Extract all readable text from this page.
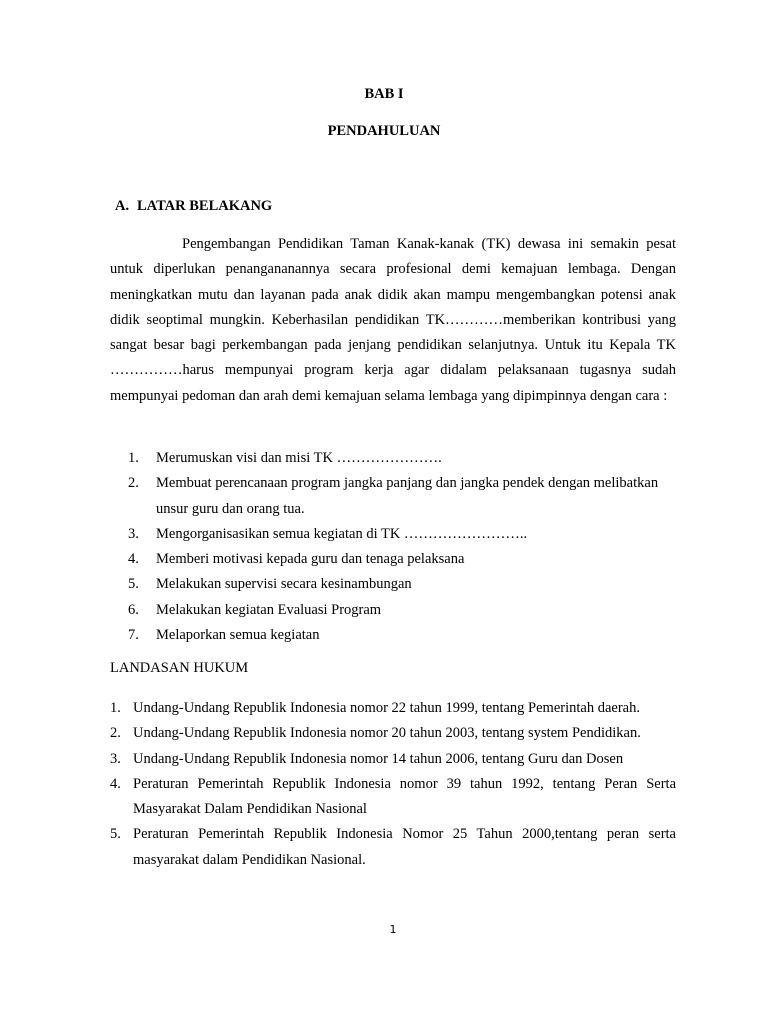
BAB I
PENDAHULUAN
A. LATAR BELAKANG

Pengembangan Pendidikan Taman Kanak-kanak (TK) dewasa ini semakin pesat untuk diperlukan penangananannya secara profesional demi kemajuan lembaga. Dengan meningkatkan mutu dan layanan pada anak didik akan mampu mengembangkan potensi anak didik seoptimal mungkin. Keberhasilan pendidikan TK…………memberikan kontribusi yang sangat besar bagi perkembangan pada jenjang pendidikan selanjutnya. Untuk itu Kepala TK ……………harus mempunyai program kerja agar didalam pelaksanaan tugasnya sudah mempunyai pedoman dan arah demi kemajuan selama lembaga yang dipimpinnya dengan cara :

1.	Merumuskan visi dan misi TK ………………….
2.	Membuat perencanaan program jangka panjang dan jangka pendek dengan melibatkan unsur guru dan orang tua.
3.	Mengorganisasikan semua kegiatan di TK ……………………..
4.	Memberi motivasi kepada guru dan tenaga pelaksana
5.	Melakukan supervisi secara kesinambungan
6.	Melakukan kegiatan Evaluasi Program
7.	Melaporkan semua kegiatan
LANDASAN HUKUM
1. Undang-Undang Republik Indonesia nomor 22 tahun 1999, tentang Pemerintah daerah.
2. Undang-Undang Republik Indonesia nomor 20 tahun 2003, tentang system Pendidikan.
3. Undang-Undang Republik Indonesia nomor 14 tahun 2006, tentang Guru dan Dosen
4. Peraturan Pemerintah Republik Indonesia nomor 39 tahun 1992, tentang Peran Serta Masyarakat Dalam Pendidikan Nasional
5. Peraturan Pemerintah Republik Indonesia Nomor 25 Tahun 2000,tentang peran serta masyarakat dalam Pendidikan Nasional.
1
